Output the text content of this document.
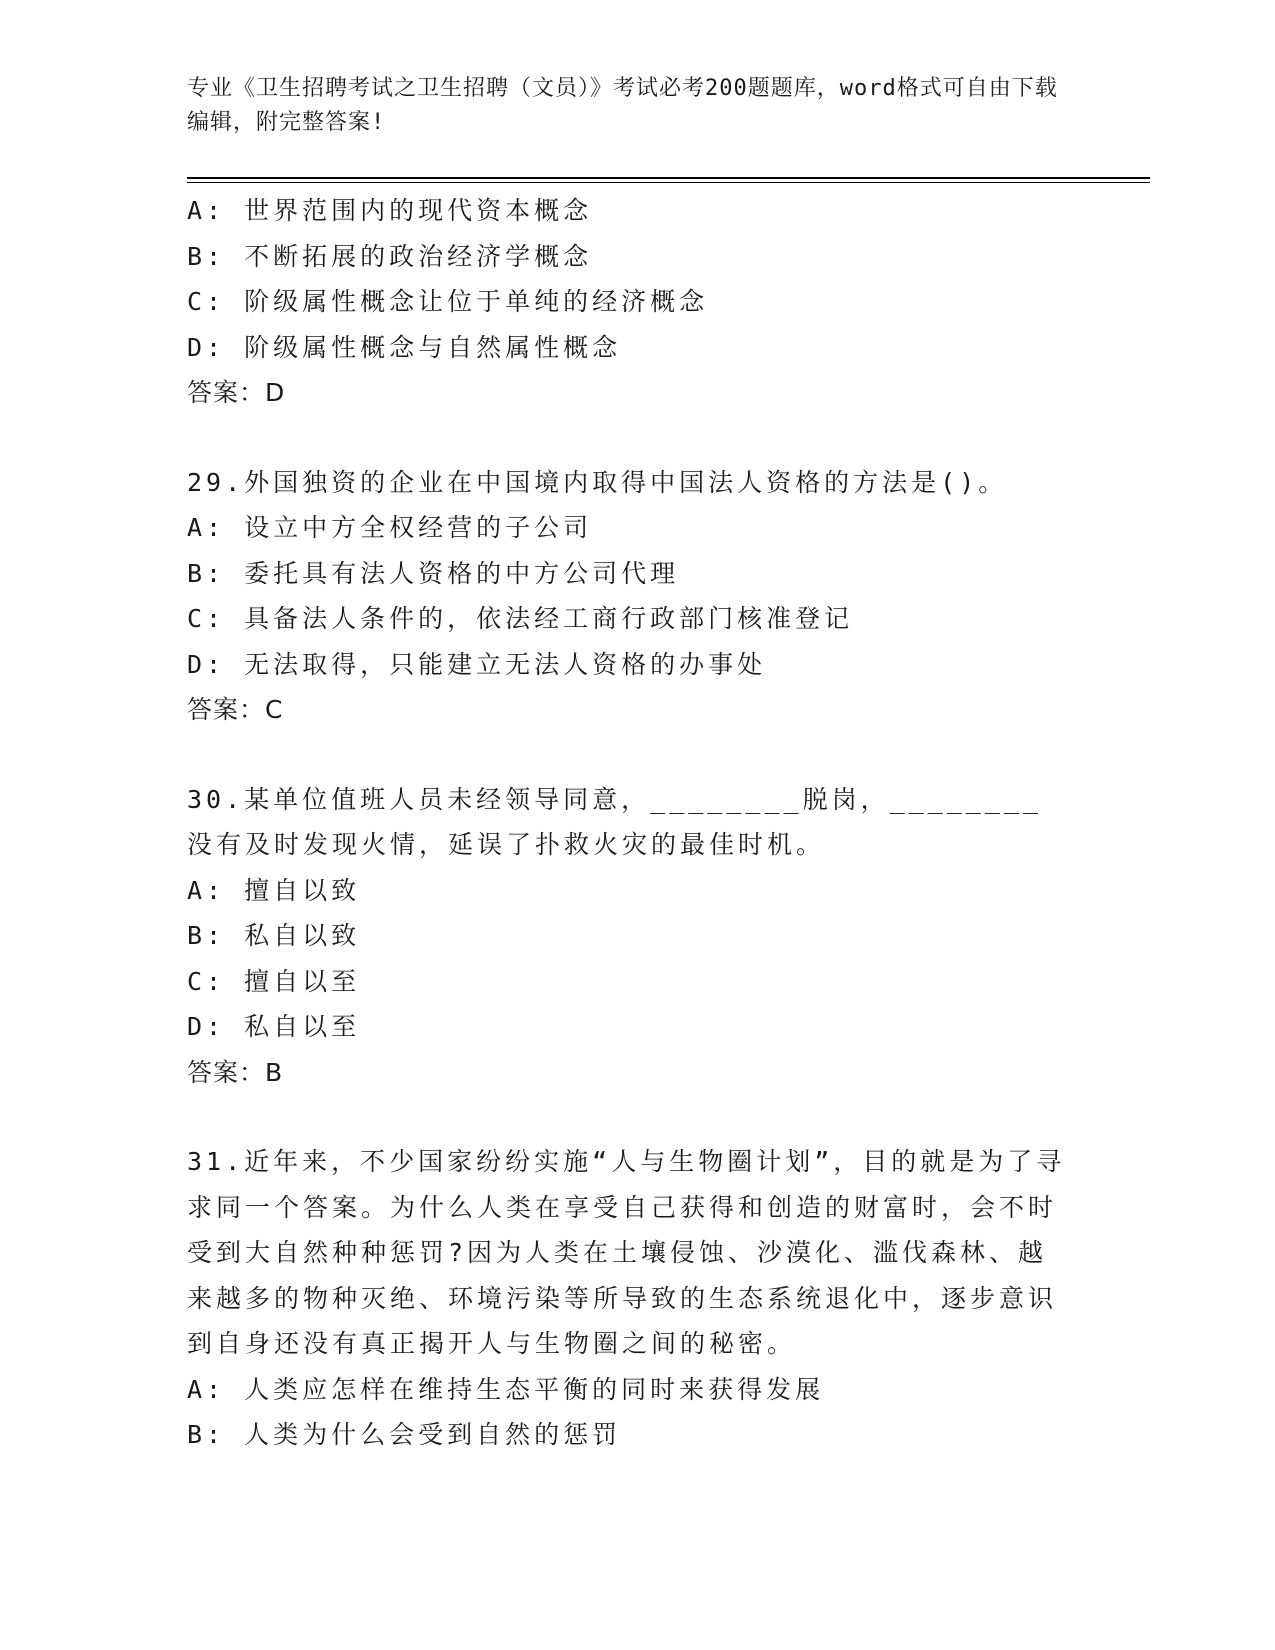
专业《卫生招聘考试之卫生招聘（文员）》考试必考200题题库，word格式可自由下载编辑，附完整答案!
A: 世界范围内的现代资本概念
B: 不断拓展的政治经济学概念
C: 阶级属性概念让位于单纯的经济概念
D: 阶级属性概念与自然属性概念
答案：D
29.外国独资的企业在中国境内取得中国法人资格的方法是()。
A: 设立中方全权经营的子公司
B: 委托具有法人资格的中方公司代理
C: 具备法人条件的，依法经工商行政部门核准登记
D: 无法取得，只能建立无法人资格的办事处
答案：C
30.某单位值班人员未经领导同意，________脱岗，________没有及时发现火情，延误了扑救火灾的最佳时机。
A: 擅自以致
B: 私自以致
C: 擅自以至
D: 私自以至
答案：B
31.近年来，不少国家纷纷实施“人与生物圈计划”，目的就是为了寻求同一个答案。为什么人类在享受自己获得和创造的财富时，会不时受到大自然种种惩罚?因为人类在土壤侵蚀、沙漠化、滥伐森林、越来越多的物种灭绝、环境污染等所导致的生态系统退化中，逐步意识到自身还没有真正揭开人与生物圈之间的秘密。
A: 人类应怎样在维持生态平衡的同时来获得发展
B: 人类为什么会受到自然的惩罚
